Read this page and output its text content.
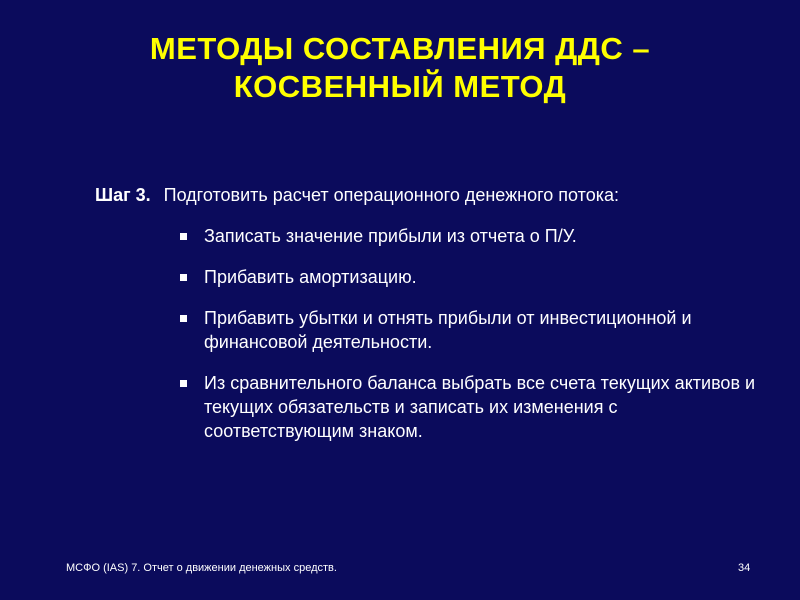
МЕТОДЫ СОСТАВЛЕНИЯ ДДС –
КОСВЕННЫЙ МЕТОД
Шаг 3. Подготовить расчет операционного денежного потока:
Записать значение прибыли из отчета о П/У.
Прибавить амортизацию.
Прибавить убытки и отнять прибыли от инвестиционной и финансовой деятельности.
Из сравнительного баланса выбрать все счета текущих активов и текущих обязательств и записать их изменения с соответствующим знаком.
МСФО (IAS) 7. Отчет о движении денежных средств.	34
